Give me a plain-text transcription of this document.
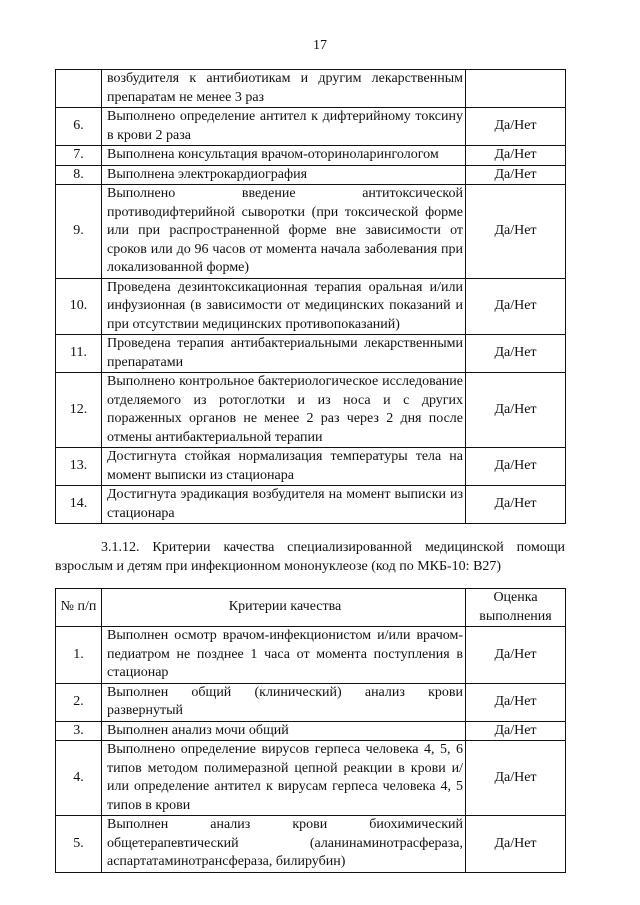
17
	возбудителя к антибиотикам и другим лекарственным препаратам не менее 3 раз	
6.	Выполнено определение антител к дифтерийному токсину в крови 2 раза	Да/Нет
7.	Выполнена консультация врачом-оториноларингологом	Да/Нет
8.	Выполнена электрокардиография	Да/Нет
9.	Выполнено введение антитоксической противодифтерийной сыворотки (при токсической форме или при распространенной форме вне зависимости от сроков или до 96 часов от момента начала заболевания при локализованной форме)	Да/Нет
10.	Проведена дезинтоксикационная терапия оральная и/или инфузионная (в зависимости от медицинских показаний и при отсутствии медицинских противопоказаний)	Да/Нет
11.	Проведена терапия антибактериальными лекарственными препаратами	Да/Нет
12.	Выполнено контрольное бактериологическое исследование отделяемого из ротоглотки и из носа и с других пораженных органов не менее 2 раз через 2 дня после отмены антибактериальной терапии	Да/Нет
13.	Достигнута стойкая нормализация температуры тела на момент выписки из стационара	Да/Нет
14.	Достигнута эрадикация возбудителя на момент выписки из стационара	Да/Нет
3.1.12. Критерии качества специализированной медицинской помощи взрослым и детям при инфекционном мононуклеозе (код по МКБ-10: B27)
№ п/п	Критерии качества	Оценка выполнения
1.	Выполнен осмотр врачом-инфекционистом и/или врачом-педиатром не позднее 1 часа от момента поступления в стационар	Да/Нет
2.	Выполнен общий (клинический) анализ крови развернутый	Да/Нет
3.	Выполнен анализ мочи общий	Да/Нет
4.	Выполнено определение вирусов герпеса человека 4, 5, 6 типов методом полимеразной цепной реакции в крови и/или определение антител к вирусам герпеса человека 4, 5 типов в крови	Да/Нет
5.	Выполнен анализ крови биохимический общетерапевтический (аланинаминотрасфераза, аспартатаминотрансфераза, билирубин)	Да/Нет
